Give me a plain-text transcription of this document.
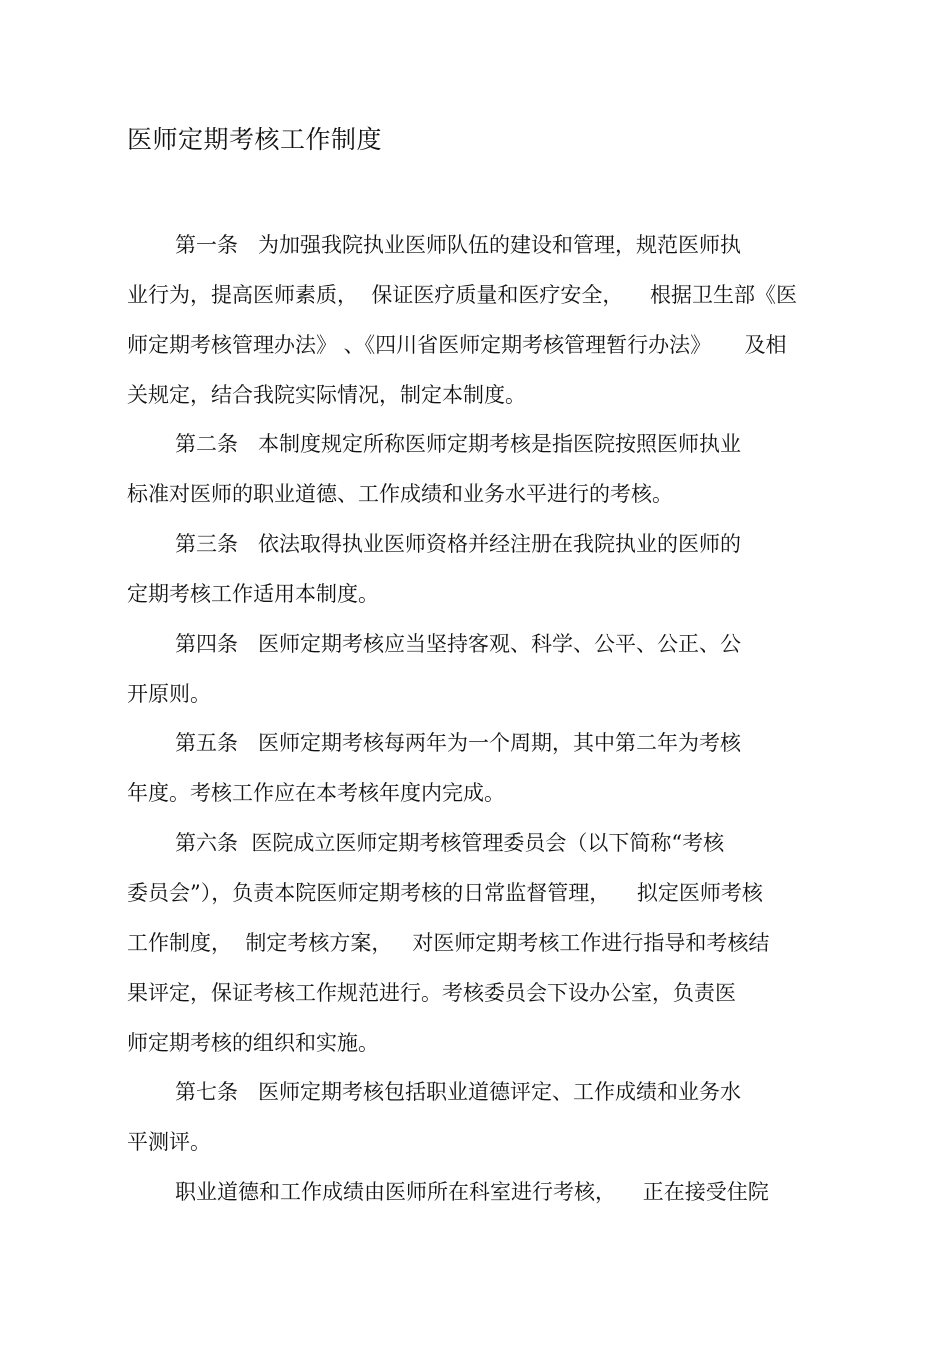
医师定期考核工作制度
第一条   为加强我院执业医师队伍的建设和管理，规范医师执
业行为，提高医师素质，  保证医疗质量和医疗安全，    根据卫生部《医
师定期考核管理办法》 、《四川省医师定期考核管理暂行办法》     及相
关规定，结合我院实际情况，制定本制度。
第二条   本制度规定所称医师定期考核是指医院按照医师执业
标准对医师的职业道德、工作成绩和业务水平进行的考核。
第三条   依法取得执业医师资格并经注册在我院执业的医师的
定期考核工作适用本制度。
第四条   医师定期考核应当坚持客观、科学、公平、公正、公
开原则。
第五条   医师定期考核每两年为一个周期，其中第二年为考核
年度。考核工作应在本考核年度内完成。
第六条  医院成立医师定期考核管理委员会（以下简称“考核
委员会”），负责本院医师定期考核的日常监督管理，    拟定医师考核
工作制度，  制定考核方案，   对医师定期考核工作进行指导和考核结
果评定，保证考核工作规范进行。考核委员会下设办公室，负责医
师定期考核的组织和实施。
第七条   医师定期考核包括职业道德评定、工作成绩和业务水
平测评。
职业道德和工作成绩由医师所在科室进行考核，    正在接受住院
